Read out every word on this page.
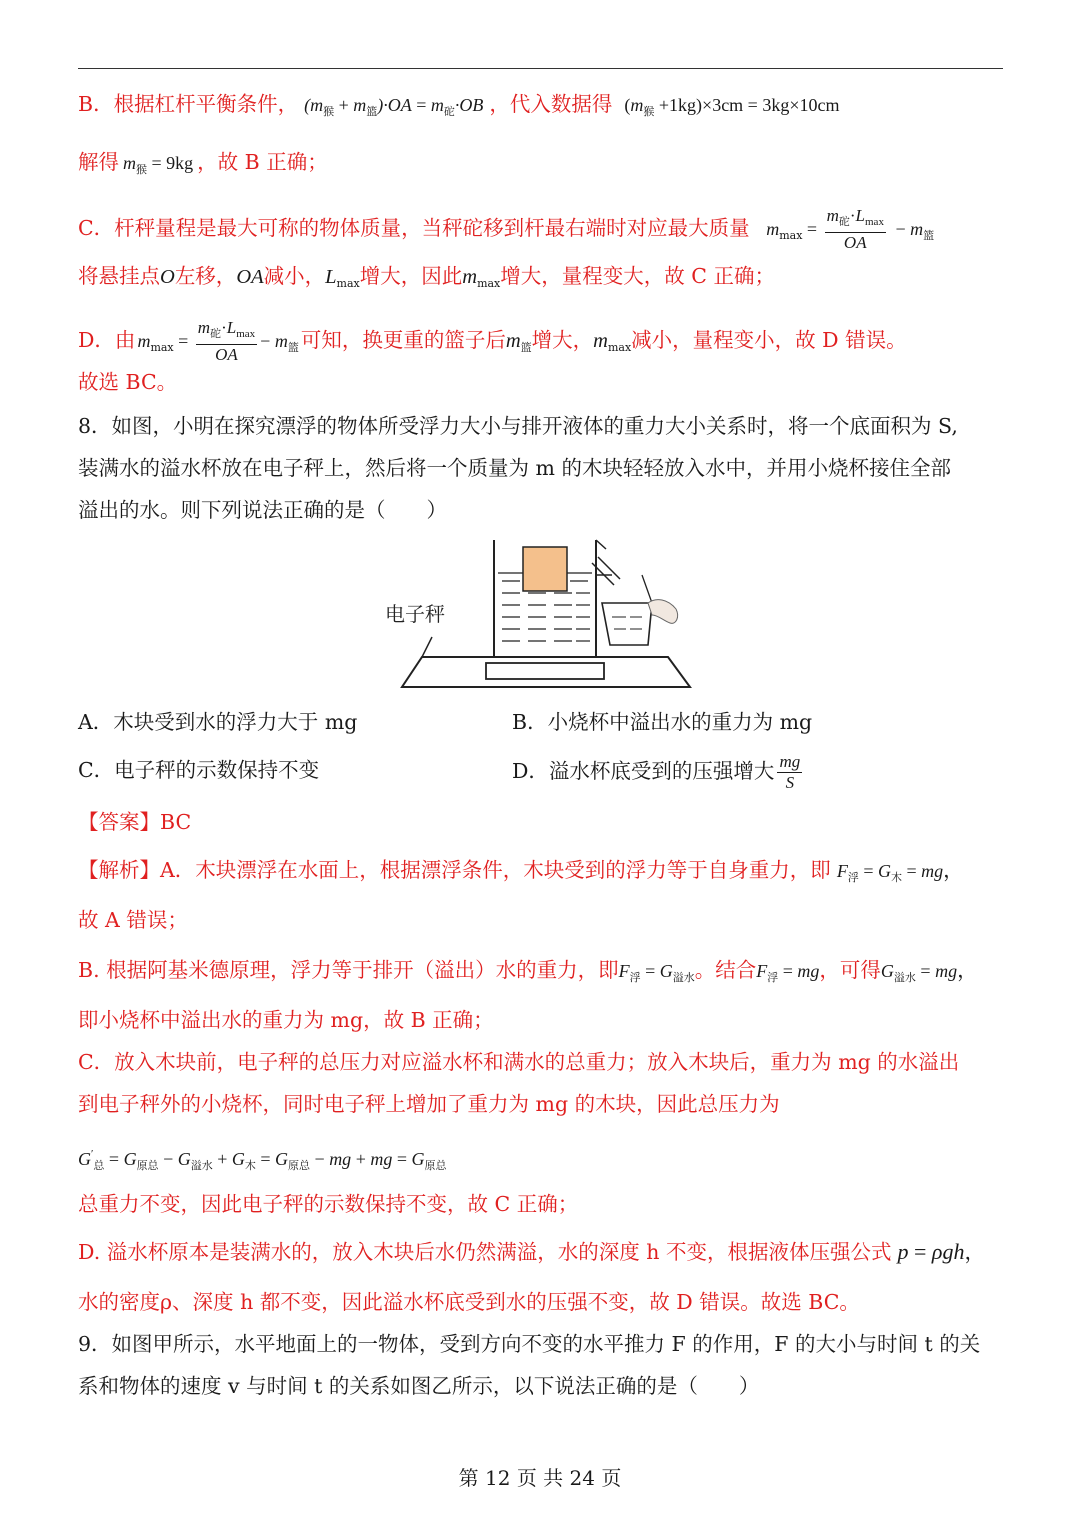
B．根据杠杆平衡条件， $(m_猴 + m_篮)\cdot OA = m_砣\cdot OB$ ，代入数据得 $(m_猴 +1kg)\times 3cm = 3kg\times 10cm$
解得 $m_猴 = 9kg$ ，故 B 正确；
C．杆秤量程是最大可称的物体质量，当秤砣移到杆最右端时对应最大质量 $m_{max} = \frac{m_砣\cdot L_{max}}{OA} - m_篮$
将悬挂点O左移，OA减小，$L_{max}$增大，因此$m_{max}$增大，量程变大，故 C 正确；
D．由 $m_{max} = \frac{m_砣\cdot L_{max}}{OA} - m_篮$可知，换更重的篮子后$m_篮$增大，$m_{max}$减小，量程变小，故 D 错误。
故选 BC。
8．如图，小明在探究漂浮的物体所受浮力大小与排开液体的重力大小关系时，将一个底面积为 S,
装满水的溢水杯放在电子秤上，然后将一个质量为 m 的木块轻轻放入水中，并用小烧杯接住全部
溢出的水。则下列说法正确的是（　　）
电子秤
A．木块受到水的浮力大于 mg	B．小烧杯中溢出水的重力为 mg
C．电子秤的示数保持不变	D．溢水杯底受到的压强增大 $\frac{mg}{S}$
【答案】BC
【解析】A．木块漂浮在水面上，根据漂浮条件，木块受到的浮力等于自身重力，即 $F_浮 = G_木$ = mg，
故 A 错误；
B. 根据阿基米德原理，浮力等于排开（溢出）水的重力，即$F_浮 = G_{溢水}$。结合$F_浮$ = mg，可得$G_{溢水}$ = mg，
即小烧杯中溢出水的重力为 mg，故 B 正确；
C．放入木块前，电子秤的总压力对应溢水杯和满水的总重力；放入木块后，重力为 mg 的水溢出
到电子秤外的小烧杯，同时电子秤上增加了重力为 mg 的木块，因此总压力为
$G'_总 = G_{原总} - G_{溢水} + G_木 = G_{原总}$ − mg + mg = $G_{原总}$
总重力不变，因此电子秤的示数保持不变，故 C 正确；
D. 溢水杯原本是装满水的，放入木块后水仍然满溢，水的深度 h 不变，根据液体压强公式 p = ρgh，
水的密度ρ、深度 h 都不变，因此溢水杯底受到水的压强不变，故 D 错误。故选 BC。
9．如图甲所示，水平地面上的一物体，受到方向不变的水平推力 F 的作用，F 的大小与时间 t 的关
系和物体的速度 v 与时间 t 的关系如图乙所示，以下说法正确的是（　　）
第 12 页 共 24 页
